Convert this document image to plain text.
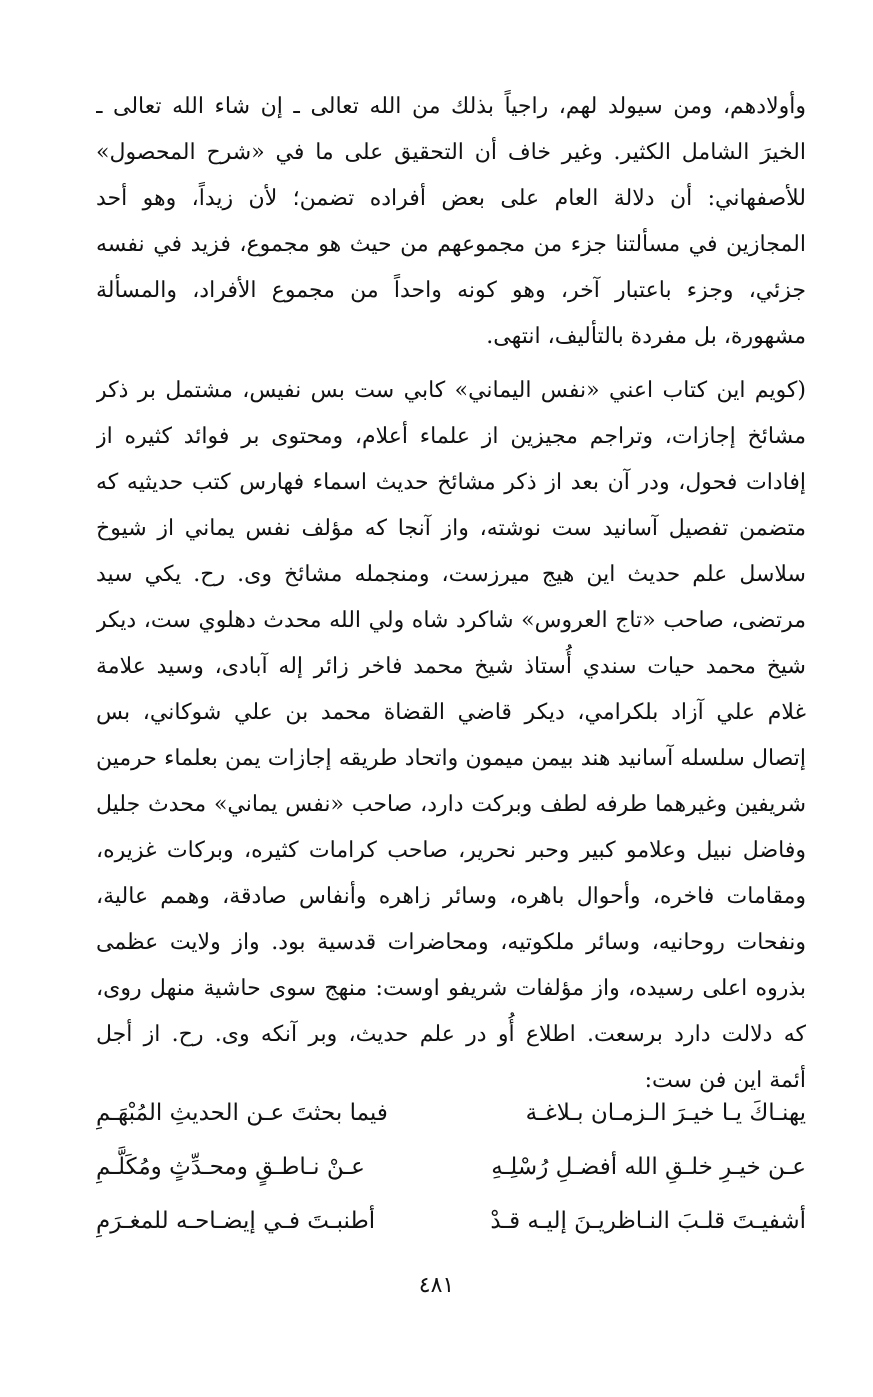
وأولادهم، ومن سيولد لهم، راجياً بذلك من الله تعالى ـ إن شاء الله تعالى ـ
الخيرَ الشامل الكثير. وغير خاف أن التحقيق على ما في «شرح المحصول»
للأصفهاني: أن دلالة العام على بعض أفراده تضمن؛ لأن زيداً، وهو أحد
المجازين في مسألتنا جزء من مجموعهم من حيث هو مجموع، فزيد في نفسه
جزئي، وجزء باعتبار آخر، وهو كونه واحداً من مجموع الأفراد، والمسألة
مشهورة، بل مفردة بالتأليف، انتهى.
(كويم اين كتاب اعني «نفس اليماني» كابي ست بس نفيس، مشتمل بر ذكر
مشائخ إجازات، وتراجم مجيزين از علماء أعلام، ومحتوى بر فوائد كثيره از
إفادات فحول، ودر آن بعد از ذكر مشائخ حديث اسماء فهارس كتب حديثيه كه
متضمن تفصيل آسانيد ست نوشته، واز آنجا كه مؤلف نفس يماني از شيوخ
سلاسل علم حديث اين هيج ميرزست، ومنجمله مشائخ وى. رح. يكي سيد
مرتضى، صاحب «تاج العروس» شاكرد شاه ولي الله محدث دهلوي ست، ديكر
شيخ محمد حيات سندي أُستاذ شيخ محمد فاخر زائر إله آبادى، وسيد علامة
غلام علي آزاد بلكرامي، ديكر قاضي القضاة محمد بن علي شوكاني، بس
إتصال سلسله آسانيد هند بيمن ميمون واتحاد طريقه إجازات يمن بعلماء حرمين
شريفين وغيرهما طرفه لطف وبركت دارد، صاحب «نفس يماني» محدث جليل
وفاضل نبيل وعلامو كبير وحبر نحرير، صاحب كرامات كثيره، وبركات غزيره،
ومقامات فاخره، وأحوال باهره، وسائر زاهره وأنفاس صادقة، وهمم عالية،
ونفحات روحانيه، وسائر ملكوتيه، ومحاضرات قدسية بود. واز ولايت عظمى
بذروه اعلى رسيده، واز مؤلفات شريفو اوست: منهج سوى حاشية منهل روى،
كه دلالت دارد برسعت. اطلاع أُو در علم حديث، وبر آنكه وى. رح. از أجل
أئمة اين فن ست:
يهنـاكَ يـا خيـرَ الـزمـان بـلاغـة
فيما بحثتَ عـن الحديثِ المُبْهَـمِ
عـن خيـرِ خلـقِ الله أفضـلِ رُسْلِـهِ
عـنْ نـاطـقٍ ومحـدِّثٍ ومُكَلَّـمِ
أشفيـتَ قلـبَ النـاظريـنَ إليـه قـدْ
أطنبـتَ فـي إيضـاحـه للمغـرَمِ
٤٨١
